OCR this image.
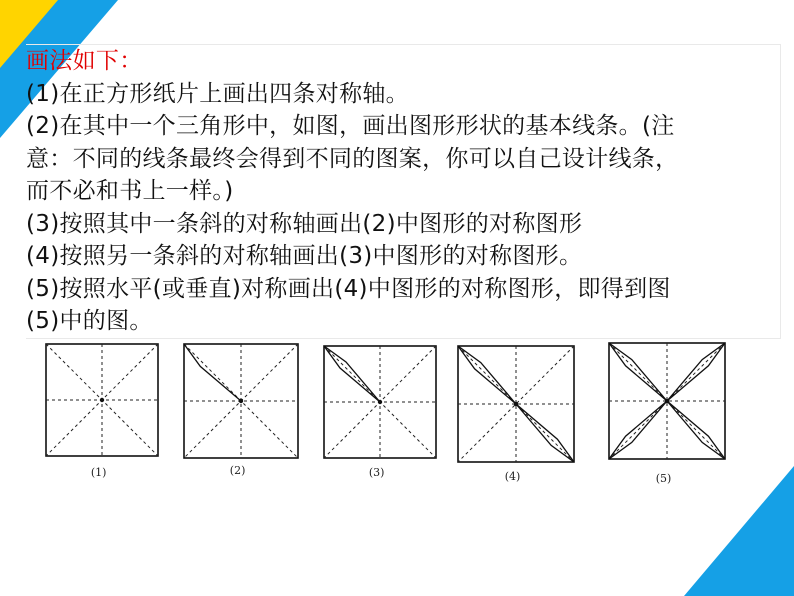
画法如下：
(1)在正方形纸片上画出四条对称轴。
(2)在其中一个三角形中，如图，画出图形形状的基本线条。(注
意：不同的线条最终会得到不同的图案，你可以自己设计线条，
而不必和书上一样。)
(3)按照其中一条斜的对称轴画出(2)中图形的对称图形
(4)按照另一条斜的对称轴画出(3)中图形的对称图形。
(5)按照水平(或垂直)对称画出(4)中图形的对称图形，即得到图
(5)中的图。
(1)	(2)	(3)	(4)	(5)
